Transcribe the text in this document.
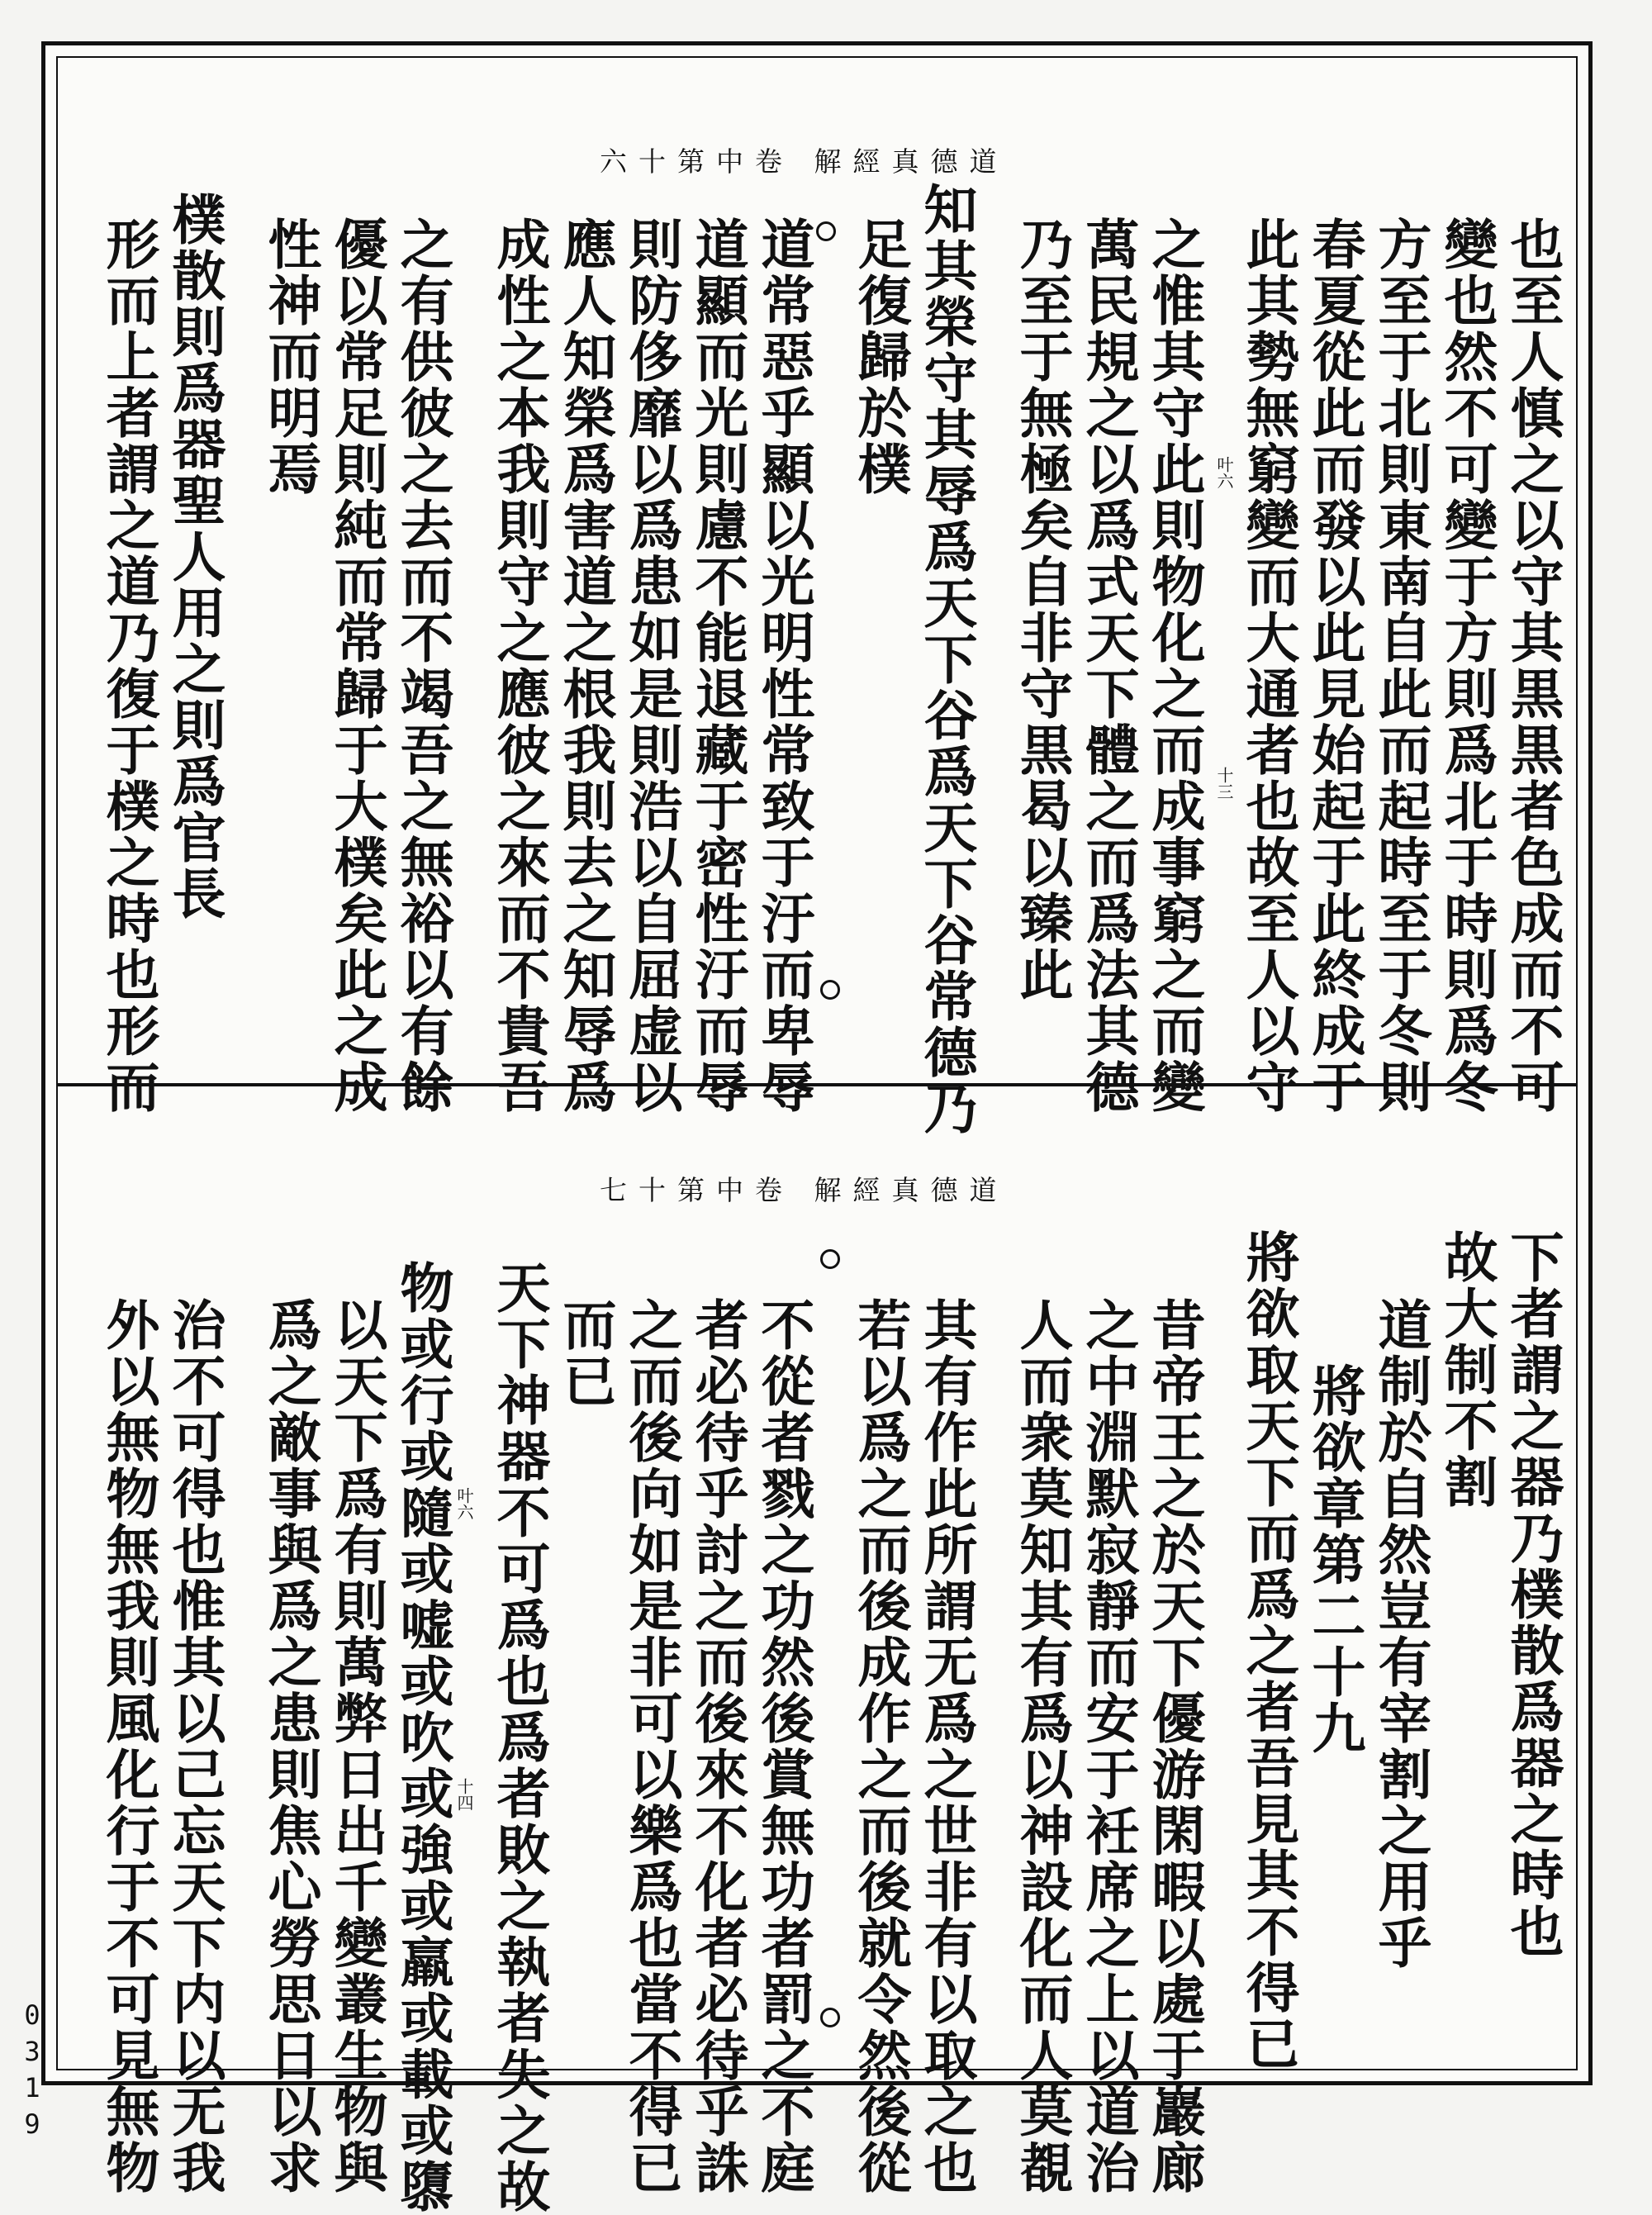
道德真經解 卷中第十六
也至人慎之以守其黒黒者色成而不可
變也然不可變于方則爲北于時則爲冬
方至于北則東南自此而起時至于冬則
春夏從此而發以此見始起于此終成于
此其勢無窮變而大通者也故至人以守
之惟其守此則物化之而成事窮之而變
萬民規之以爲式天下體之而爲法其德
乃至于無極矣自非守黒曷以臻此
知其榮守其辱爲天下谷爲天下谷常德乃
足復歸於樸
道常惡乎顯以光明性常致于汙而卑辱
道顯而光則慮不能退藏于密性汙而辱
則防侈靡以爲患如是則浩以自屈虚以
應人知榮爲害道之根我則去之知辱爲
成性之本我則守之應彼之來而不貴吾
之有供彼之去而不竭吾之無裕以有餘
優以常足則純而常歸于大樸矣此之成
性神而明焉
樸散則爲器聖人用之則爲官長
形而上者謂之道乃復于樸之時也形而	叶六
十三
道德真經解 卷中第十七
下者謂之器乃樸散爲器之時也
故大制不割
道制於自然豈有宰割之用乎
將欲章第二十九
將欲取天下而爲之者吾見其不得已
昔帝王之於天下優游閑暇以處于巖廊
之中淵默寂靜而安于衽席之上以道治
人而衆莫知其有爲以神設化而人莫覩
其有作此所謂无爲之世非有以取之也
若以爲之而後成作之而後就令然後從
不從者戮之功然後賞無功者罰之不庭
者必待乎討之而後來不化者必待乎誅
之而後向如是非可以樂爲也當不得已
而已
天下神器不可爲也爲者敗之執者失之故
物或行或隨或嘘或吹或強或羸或載或隳
以天下爲有則萬弊日出千變叢生物與
爲之敵事與爲之患則焦心勞思日以求
治不可得也惟其以己忘天下内以无我
外以無物無我則風化行于不可見無物	叶六
十四
0319
